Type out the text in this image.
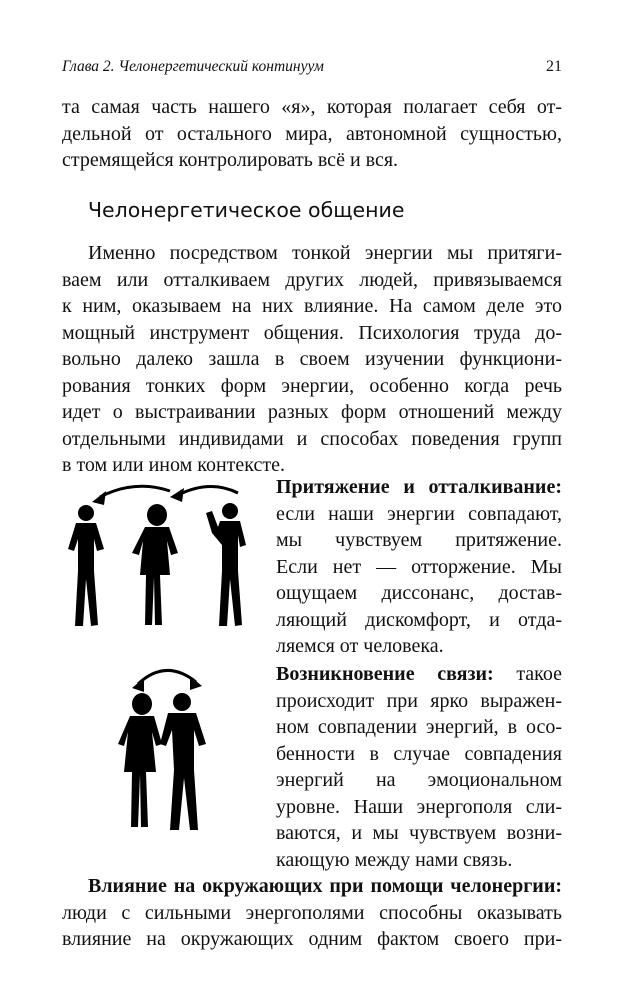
Глава 2. Челонергетический континуум	21

та самая часть нашего «я», которая полагает себя от-
дельной от остального мира, автономной сущностью,
стремящейся контролировать всё и вся.

Челонергетическое общение

Именно посредством тонкой энергии мы притяги-
ваем или отталкиваем других людей, привязываемся
к ним, оказываем на них влияние. На самом деле это
мощный инструмент общения. Психология труда до-
вольно далеко зашла в своем изучении функциони-
рования тонких форм энергии, особенно когда речь
идет о выстраивании разных форм отношений между
отдельными индивидами и способах поведения групп
в том или ином контексте.

Притяжение и отталкивание:
если наши энергии совпадают,
мы чувствуем притяжение.
Если нет — отторжение. Мы
ощущаем диссонанс, достав-
ляющий дискомфорт, и отда-
ляемся от человека.

Возникновение связи: такое
происходит при ярко выражен-
ном совпадении энергий, в осо-
бенности в случае совпадения
энергий на эмоциональном
уровне. Наши энергополя сли-
ваются, и мы чувствуем возни-
кающую между нами связь.

Влияние на окружающих при помощи челонергии:
люди с сильными энергополями способны оказывать
влияние на окружающих одним фактом своего при-
